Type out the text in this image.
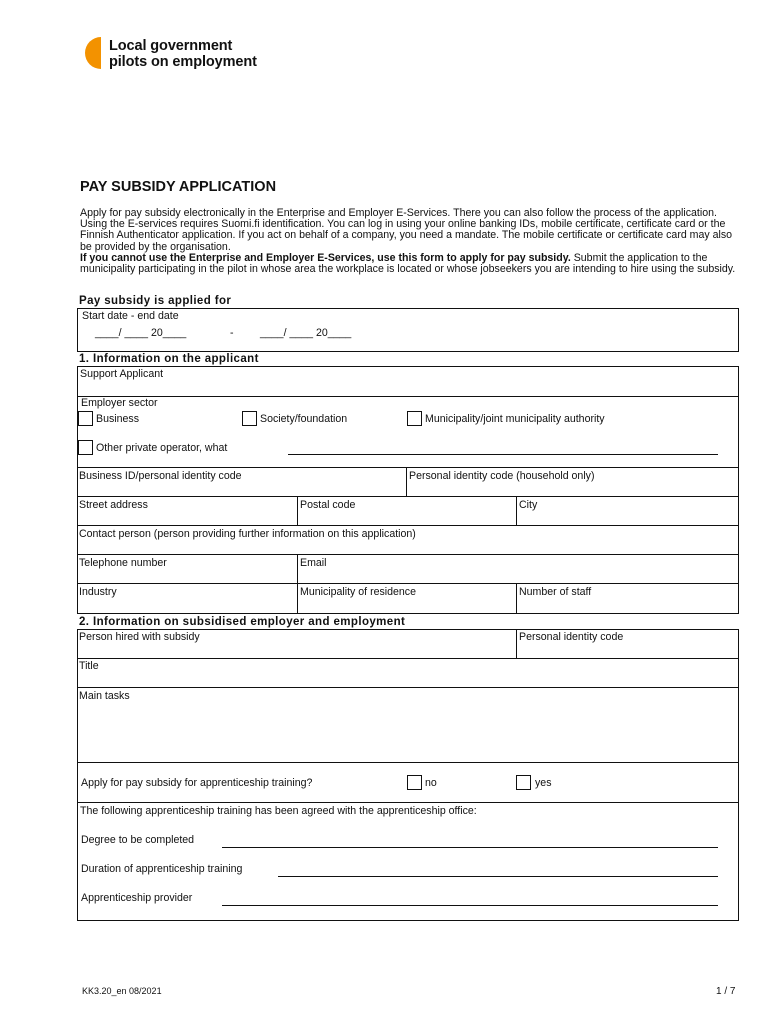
Local government
pilots on employment
PAY SUBSIDY APPLICATION

Apply for pay subsidy electronically in the Enterprise and Employer E-Services. There you can also follow the process of the application. Using the E-services requires Suomi.fi identification. You can log in using your online banking IDs, mobile certificate, certificate card or the Finnish Authenticator application. If you act on behalf of a company, you need a mandate. The mobile certificate or certificate card may also be provided by the organisation.
If you cannot use the Enterprise and Employer E-Services, use this form to apply for pay subsidy. Submit the application to the municipality participating in the pilot in whose area the workplace is located or whose jobseekers you are intending to hire using the subsidy.

Pay subsidy is applied for
Start date - end date
____/ ____ 20____	- ____/ ____ 20____
1. Information on the applicant
Support Applicant
Employer sector
Business	Society/foundation	Municipality/joint municipality authority
Other private operator, what
Business ID/personal identity code	Personal identity code (household only)
Street address	Postal code	City
Contact person (person providing further information on this application)
Telephone number	Email
Industry	Municipality of residence	Number of staff
2. Information on subsidised employer and employment
Person hired with subsidy	Personal identity code
Title
Main tasks
Apply for pay subsidy for apprenticeship training?	no	yes
The following apprenticeship training has been agreed with the apprenticeship office:
Degree to be completed
Duration of apprenticeship training
Apprenticeship provider
KK3.20_en 08/2021	1 / 7
